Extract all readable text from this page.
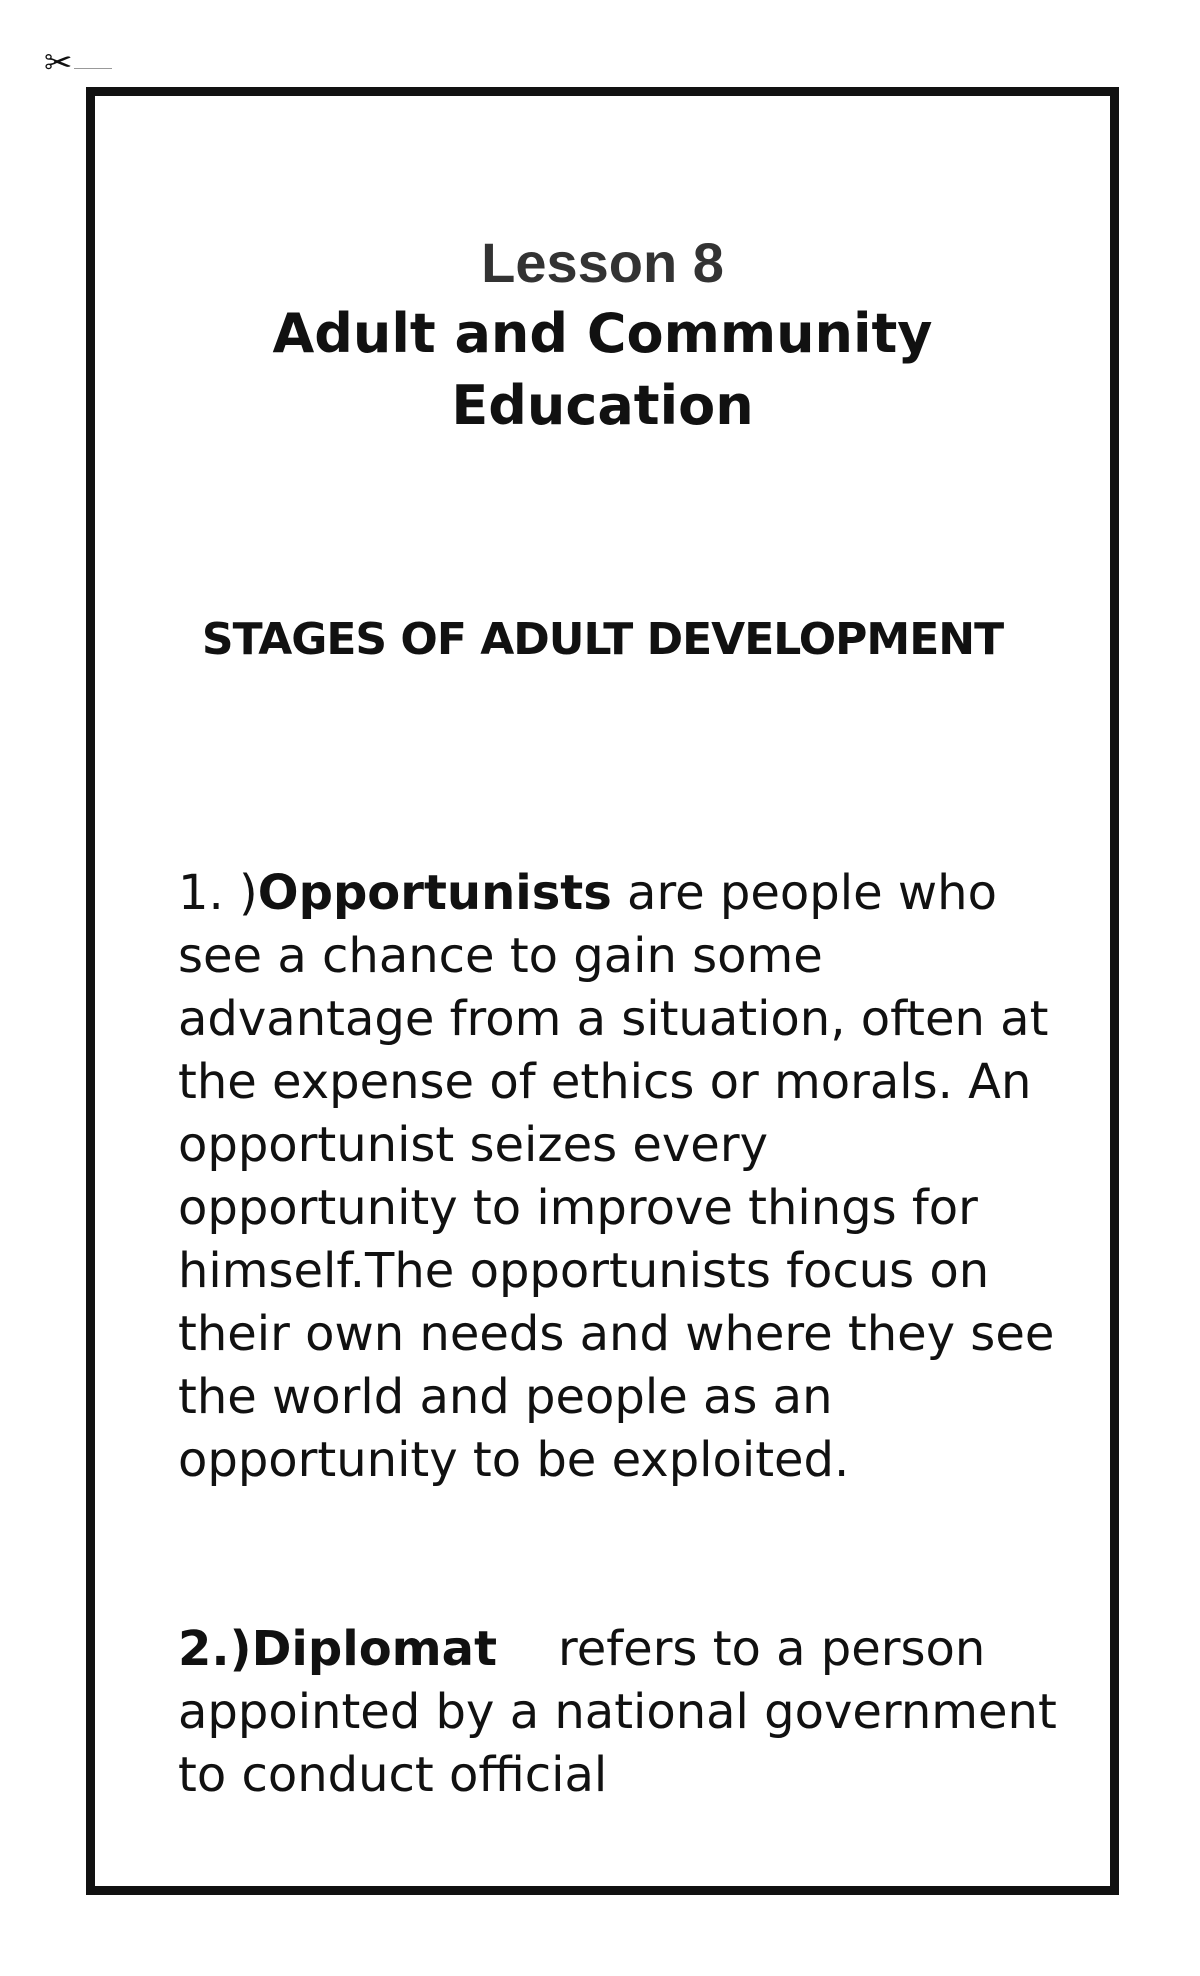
✂

Lesson 8

Adult and Community Education

STAGES OF ADULT DEVELOPMENT

1. )Opportunists are people who see a chance to gain some advantage from a situation, often at the expense of ethics or morals. An opportunist seizes every opportunity to improve things for himself.The opportunists focus on their own needs and where they see the world and people as an opportunity to be exploited.

2.)Diplomat    refers to a person appointed by a national government to conduct official
